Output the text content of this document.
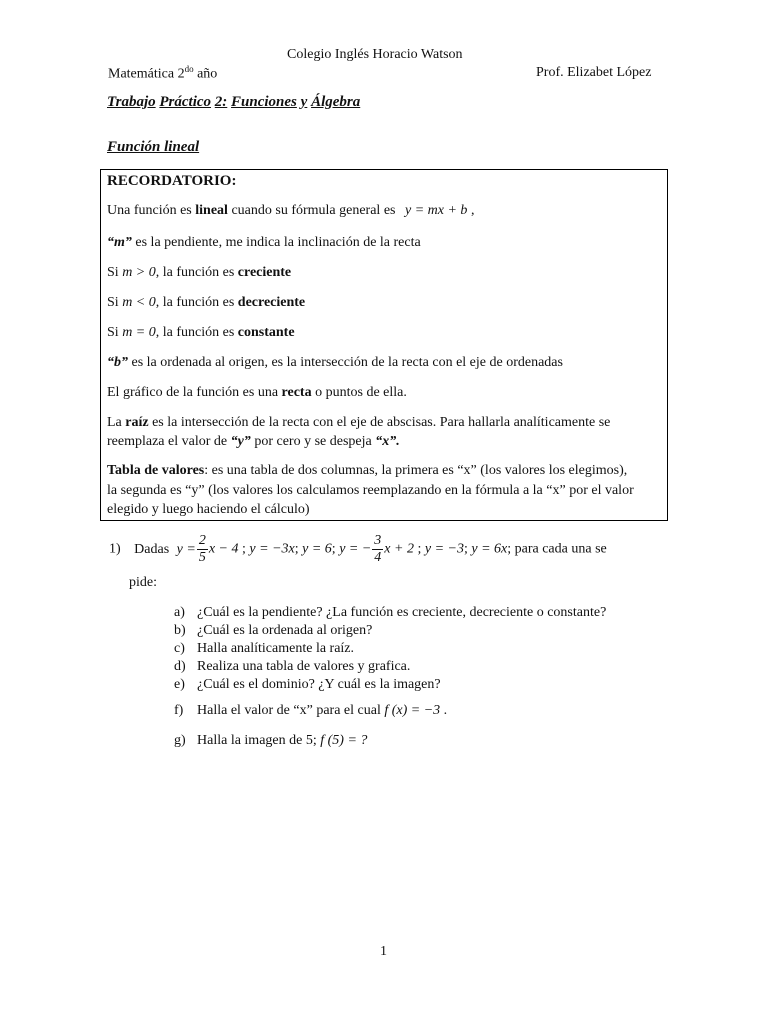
Colegio Inglés Horacio Watson
Matemática $2^{do}$ año	Prof. Elizabet López
Trabajo Práctico 2: Funciones y Álgebra
Función lineal
RECORDATORIO:
Una función es lineal cuando su fórmula general es y = mx + b ,
“m” es la pendiente, me indica la inclinación de la recta
Si m > 0, la función es creciente
Si m < 0, la función es decreciente
Si m = 0, la función es constante
“b” es la ordenada al origen, es la intersección de la recta con el eje de ordenadas
El gráfico de la función es una recta o puntos de ella.
La raíz es la intersección de la recta con el eje de abscisas. Para hallarla analíticamente se
reemplaza el valor de “y” por cero y se despeja “x”.
Tabla de valores: es una tabla de dos columnas, la primera es “x” (los valores los elegimos),
la segunda es “y” (los valores los calculamos reemplazando en la fórmula a la “x” por el valor
elegido y luego haciendo el cálculo)
1) Dadas $y = \frac{2}{5}$ x − 4 ; y = −3x; y = 6; y = − $\frac{3}{4}$ x + 2 ; y = −3; y = 6x; para cada una se
pide:
a) ¿Cuál es la pendiente? ¿La función es creciente, decreciente o constante?
b) ¿Cuál es la ordenada al origen?
c) Halla analíticamente la raíz.
d) Realiza una tabla de valores y grafica.
e) ¿Cuál es el dominio? ¿Y cuál es la imagen?
f) Halla el valor de “x” para el cual f (x) = −3 .
g) Halla la imagen de 5; f (5) = ?
1
